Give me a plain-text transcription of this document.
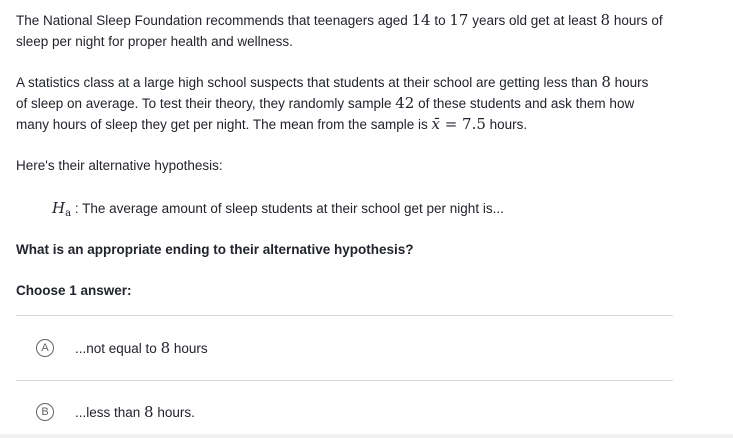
The National Sleep Foundation recommends that teenagers aged 14 to 17 years old get at least 8 hours of
sleep per night for proper health and wellness.
A statistics class at a large high school suspects that students at their school are getting less than 8 hours
of sleep on average. To test their theory, they randomly sample 42 of these students and ask them how
many hours of sleep they get per night. The mean from the sample is x̄ = 7.5 hours.
Here's their alternative hypothesis:
$H_a$ : The average amount of sleep students at their school get per night is...
What is an appropriate ending to their alternative hypothesis?
Choose 1 answer:
A	...not equal to 8 hours
B	...less than 8 hours.
